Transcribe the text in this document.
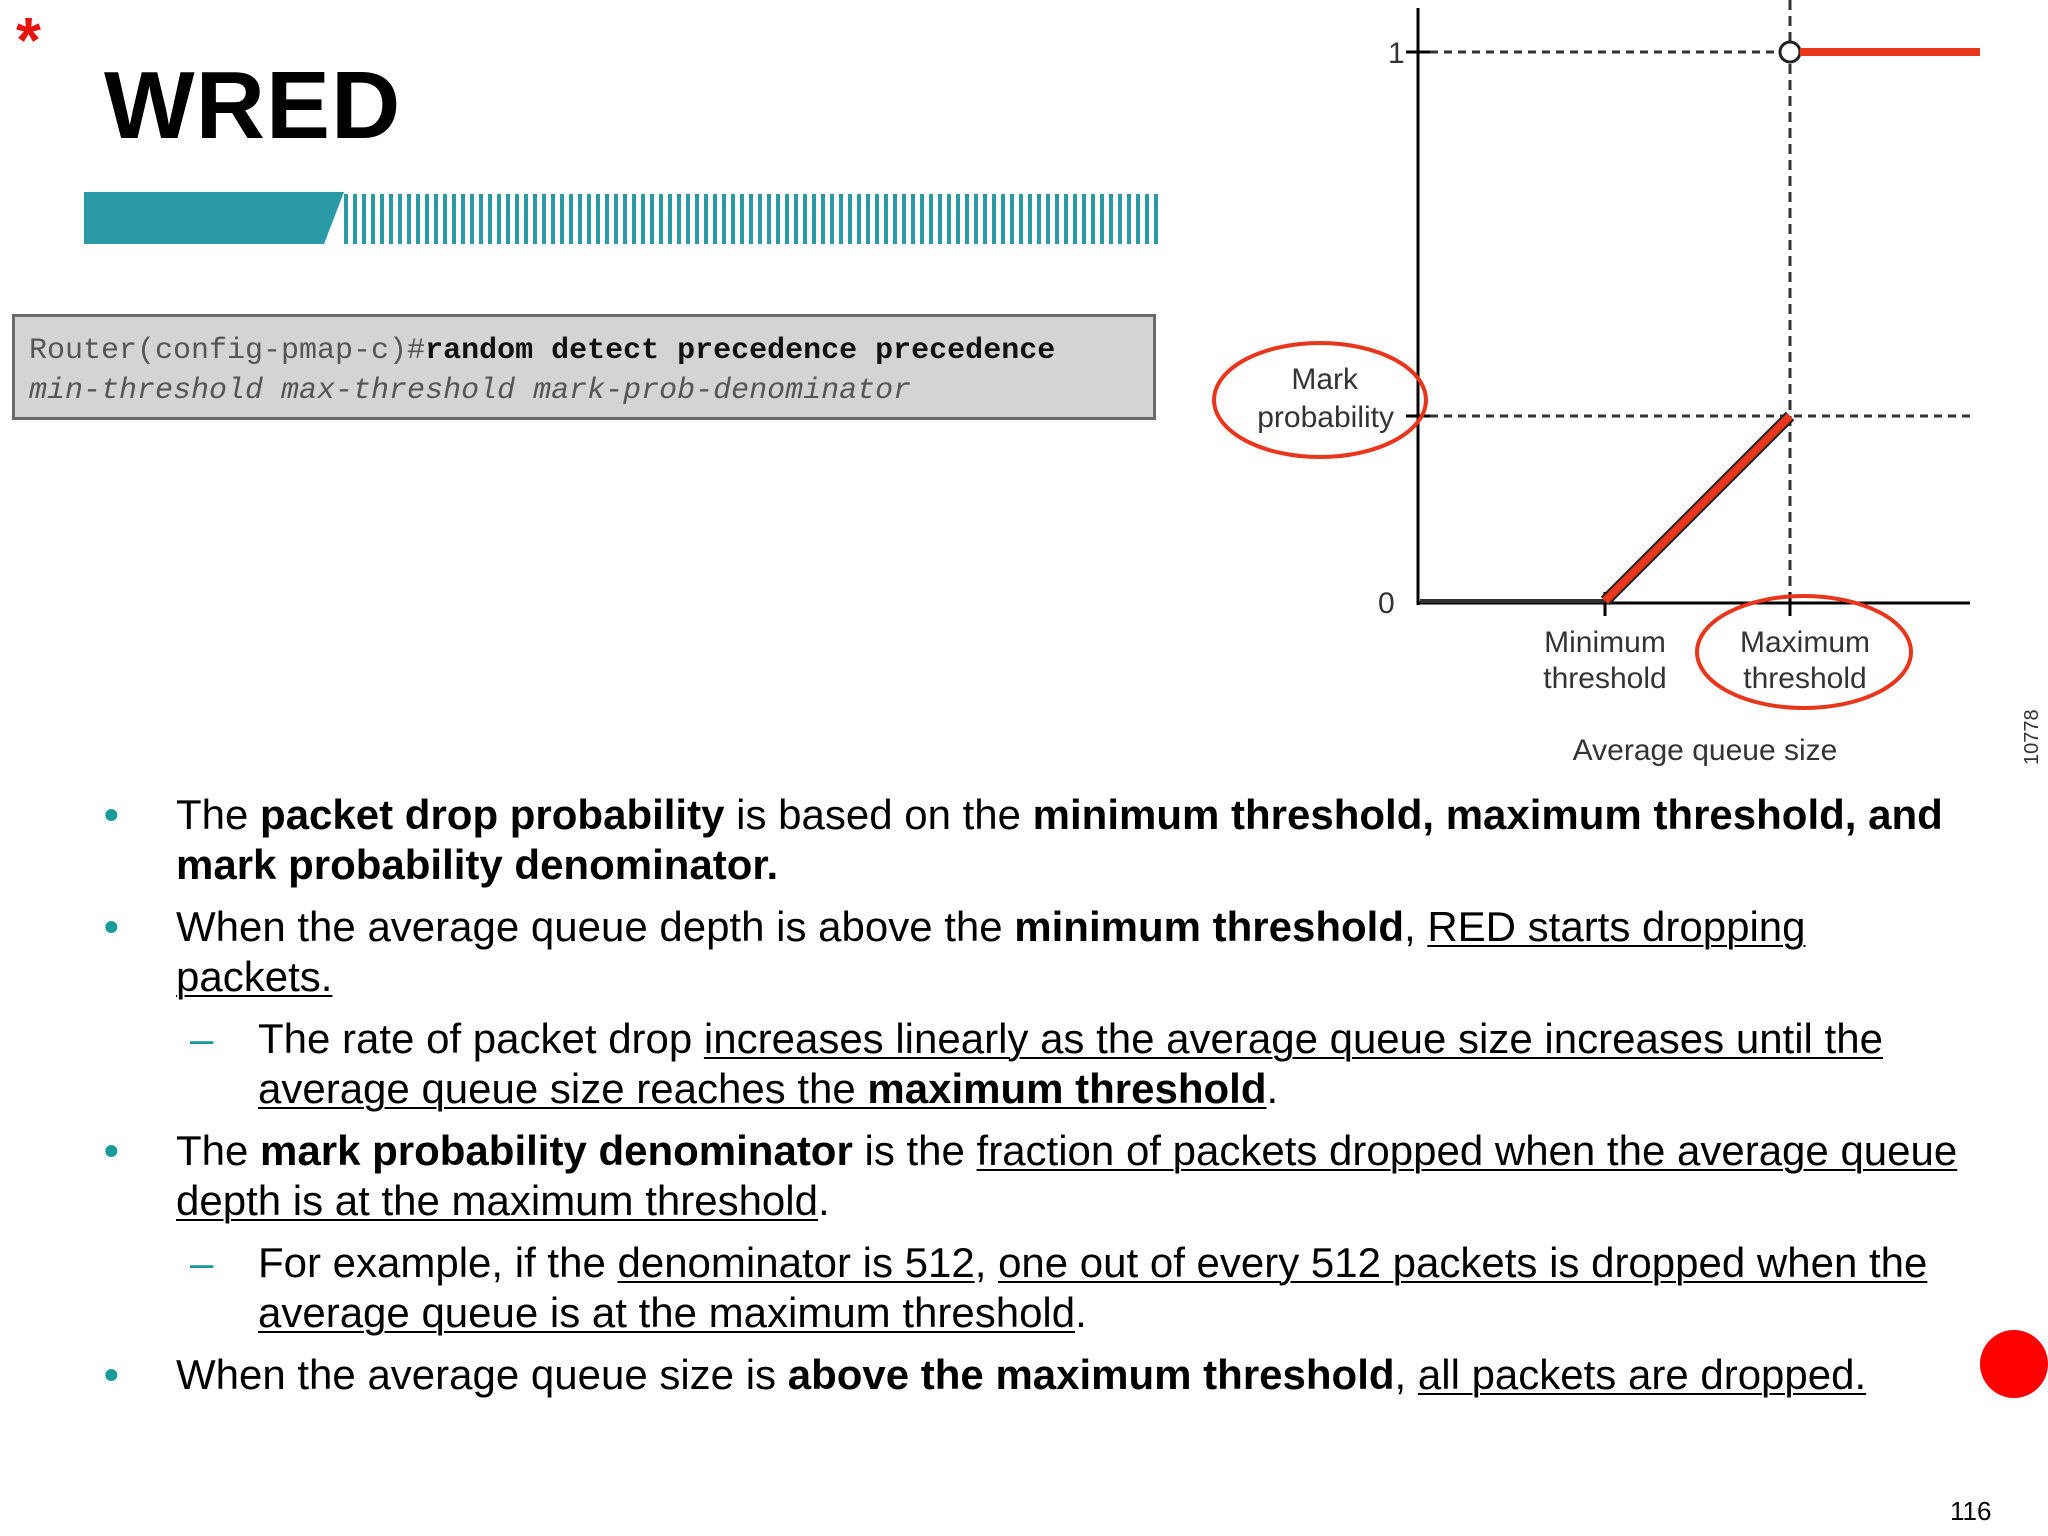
*
WRED
Router(config-pmap-c)#random detect precedence precedence
min-threshold max-threshold mark-prob-denominator
1
0
Mark
probability
Minimum
threshold
Maximum
threshold
Average queue size	10778
• The packet drop probability is based on the minimum threshold, maximum threshold, and mark probability denominator.
• When the average queue depth is above the minimum threshold, RED starts dropping packets.
– The rate of packet drop increases linearly as the average queue size increases until the average queue size reaches the maximum threshold.
• The mark probability denominator is the fraction of packets dropped when the average queue depth is at the maximum threshold.
– For example, if the denominator is 512, one out of every 512 packets is dropped when the average queue is at the maximum threshold.
• When the average queue size is above the maximum threshold, all packets are dropped.
116
